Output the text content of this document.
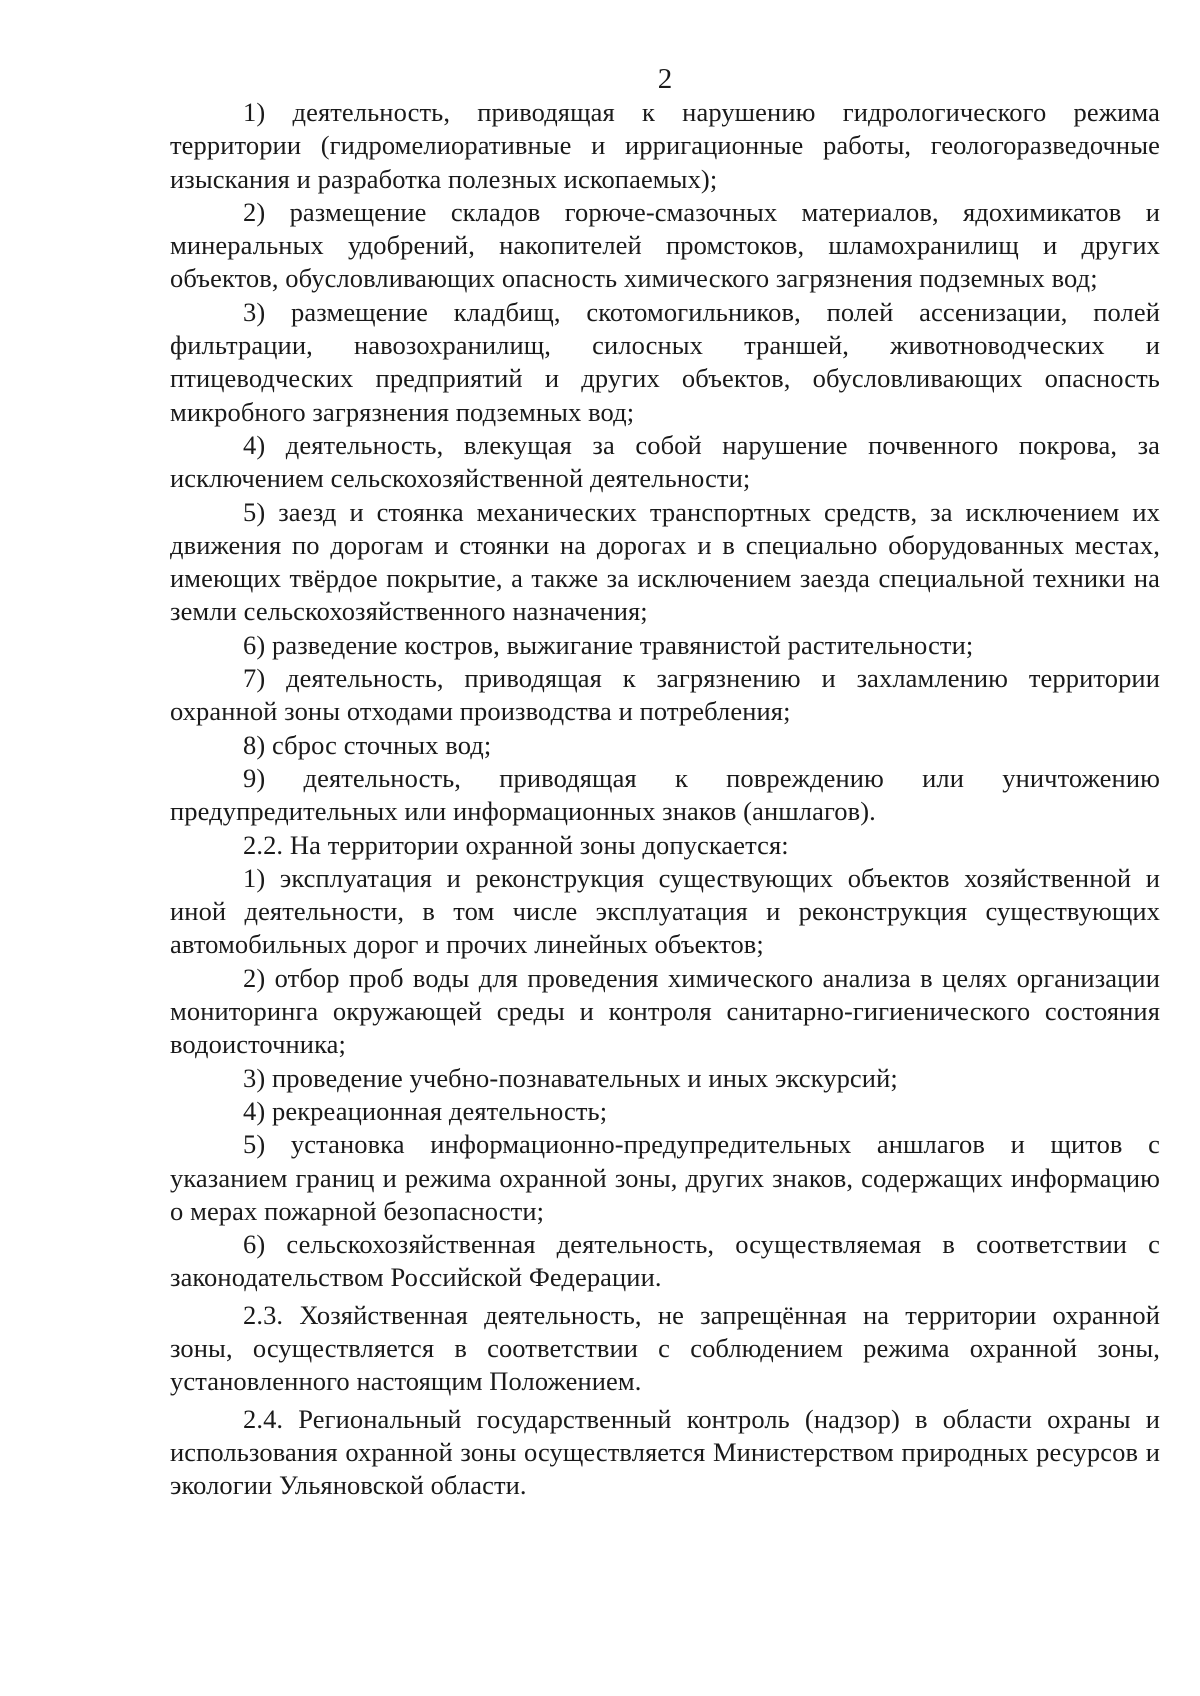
2

1) деятельность, приводящая к нарушению гидрологического режима территории (гидромелиоративные и ирригационные работы, геологоразведочные изыскания и разработка полезных ископаемых);

2) размещение складов горюче-смазочных материалов, ядохимикатов и минеральных удобрений, накопителей промстоков, шламохранилищ и других объектов, обусловливающих опасность химического загрязнения подземных вод;

3) размещение кладбищ, скотомогильников, полей ассенизации, полей фильтрации, навозохранилищ, силосных траншей, животноводческих и птицеводческих предприятий и других объектов, обусловливающих опасность микробного загрязнения подземных вод;

4) деятельность, влекущая за собой нарушение почвенного покрова, за исключением сельскохозяйственной деятельности;

5) заезд и стоянка механических транспортных средств, за исключением их движения по дорогам и стоянки на дорогах и в специально оборудованных местах, имеющих твёрдое покрытие, а также за исключением заезда специальной техники на земли сельскохозяйственного назначения;

6) разведение костров, выжигание травянистой растительности;

7) деятельность, приводящая к загрязнению и захламлению территории охранной зоны отходами производства и потребления;

8) сброс сточных вод;

9) деятельность, приводящая к повреждению или уничтожению предупредительных или информационных знаков (аншлагов).

2.2. На территории охранной зоны допускается:

1) эксплуатация и реконструкция существующих объектов хозяйственной и иной деятельности, в том числе эксплуатация и реконструкция существующих автомобильных дорог и прочих линейных объектов;

2) отбор проб воды для проведения химического анализа в целях организации мониторинга окружающей среды и контроля санитарно-гигиенического состояния водоисточника;

3) проведение учебно-познавательных и иных экскурсий;

4) рекреационная деятельность;

5) установка информационно-предупредительных аншлагов и щитов с указанием границ и режима охранной зоны, других знаков, содержащих информацию о мерах пожарной безопасности;

6) сельскохозяйственная деятельность, осуществляемая в соответствии с законодательством Российской Федерации.

2.3. Хозяйственная деятельность, не запрещённая на территории охранной зоны, осуществляется в соответствии с соблюдением режима охранной зоны, установленного настоящим Положением.

2.4. Региональный государственный контроль (надзор) в области охраны и использования охранной зоны осуществляется Министерством природных ресурсов и экологии Ульяновской области.
